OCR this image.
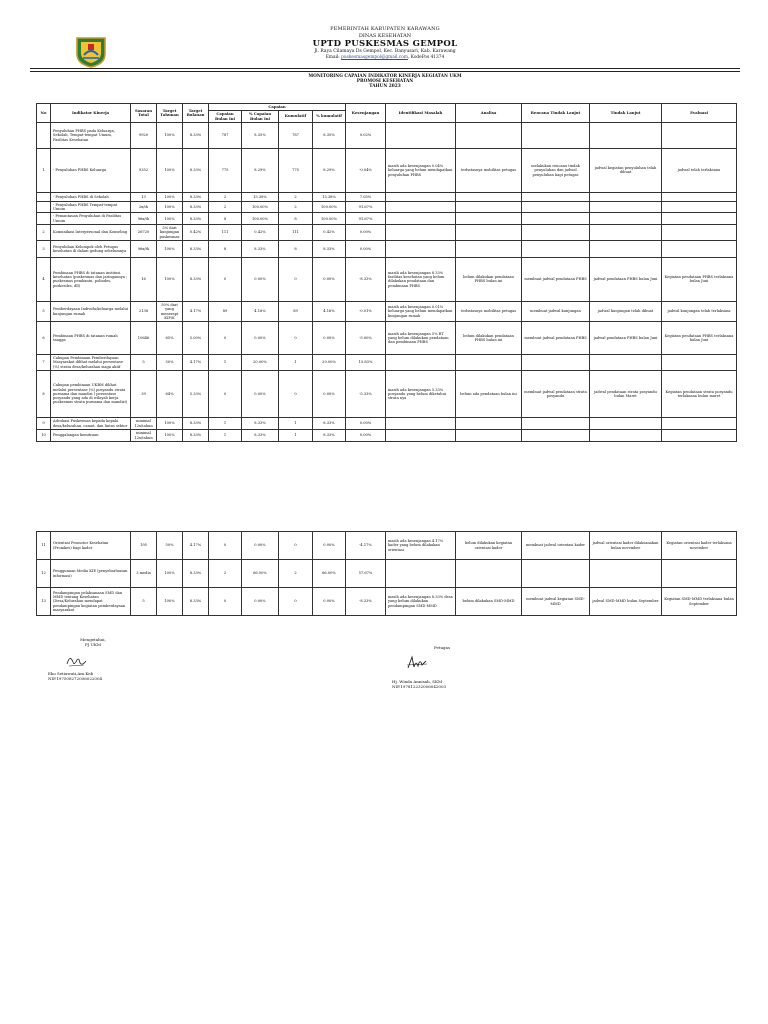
PEMERINTAH KABUPATEN KARAWANG
DINAS KESEHATAN
UPTD PUSKESMAS GEMPOL
Jl. Raya Cilamaya Ds Gempol, Kec. Banyusari, Kab. Karawang
Email: puskesmasgempol@gmail.com, KodePos 41374
MONITORING CAPAIAN INDIKATOR KINERJA KEGIATAN UKM
PROMOSI KESEHATAN
TAHUN 2023
No	Indikator Kinerja	Sasaran Total	Target Tahunan	Target Bulanan	Capaian				Kesenjangan	Identifikasi Masalah	Analisa	Rencana Tindak Lanjut	Tindak Lanjut	Evaluasi
					Capaian Bulan Ini	% Capaian Bulan Ini	Kumulatif	% kumulatif						
	Penyuluhan PHBS pada Keluarga, Sekolah, Tempat-tempat Umum, Fasilitas Kesehatan	9920	100%	8.33%	787	8.35%	787	8.35%	0.02%					
1	- Penyuluhan PHBS Keluarga	9352	100%	8.33%	775	8.29%	775	8.29%	-0.04%	masih ada kesenjangan 0.04% keluarga yang belum mendapatkan penyuluhan PHBS	terbatasnya mobilitas petugas	melakukan rencana tindak penyuluhan dan jadwal penyuluhan bagi petugas	jadwal kegiatan penyuluhan telah dibuat	jadwal telah terlaksana
	- Penyuluhan PHBS di Sekolah	13	100%	8.33%	2	15.38%	2	15.38%	7.05%					
	- Penyuluhan PHBS Tempat-tempat Umum	2x/th	100%	8.33%	2	100.00%	2	100.00%	91.67%					
	- Pemantauan Penyuluhan di Fasilitas Umum	96x/th	100%	8.33%	8	100.00%	8	100.00%	91.67%					
2	Komunikasi Interpersonal dan Konseling	26720	5% dari kunjungan puskesmas	0.42%	111	0.42%	111	0.42%	0.00%					
3	Penyuluhan Kelompok oleh Petugas kesehatan di dalam gedung sebelumnya	96x/th	100%	8.33%	8	8.33%	8	8.33%	0.00%					
4	Pembinaan PHBS di tatanan institusi kesehatan (puskesmas dan jaringannya : puskesmas pembantu, polindes, poskesdes, dll)	16	100%	8.33%	0	0.00%	0	0.00%	-8.33%	masih ada kesenjangan 8.33% fasilitas kesehatan yang belum dilakukan pendataan dan pembinaan PHBS	belum dilakukan pendataan PHBS bulan ini	membuat jadwal pendataan PHBS	jadwal pendataan PHBS bulan Juni	Kegiatan pendataan PHBS terlaksana bulan Juni
5	Pemberdayaan Individu/keluarga melalui kunjungan rumah	2138	50% dari yang menerapi KIP/K	4.17%	89	4.16%	89	4.16%	-0.01%	masih ada kesenjangan 0.01% keluarga yang belum mendapatkan kunjungan rumah	terbatasnya mobilitas petugas	membuat jadwal kunjungan	jadwal kunjungan telah dibuat	jadwal kunjungan telah terlaksana
6	Pembinaan PHBS di tatanan rumah tangga	10646	65%	5.00%	0	0.00%	0	0.00%	-5.00%	masih ada kesenjangan 5% RT yang belum dilakukan pendataan dan pembinaan PHBS	belum dilakukan pendataan PHBS bulan ini	membuat jadwal pendataan PHBS	jadwal pendataan PHBS bulan Juni	Kegiatan pendataan PHBS terlaksana bulan Juni
7	Cakupan Pembinaan Pemberdayaan Masyarakat dilihat melalui persentase (%) strata desa/kelurahan siaga aktif	5	50%	4.17%	1	20.00%	1	20.00%	15.83%					
8	Cakupan pembinaan UKBM dilihat melalui persentase (%) posyandu strata purnama dan mandiri ( persentase posyandu yang ada di wilayah kerja puskesmas strata purnama dan mandiri)	39	64%	5.33%	0	0.00%	0	0.00%	-5.33%	masih ada kesenjangan 5.33% posyandu yang belum diketahui strata nya	belum ada pendataan bulan ini	membuat jadwal pendataan strata posyandu	jadwal pendataan strata posyandu bulan Maret	Kegiatan pendataan strata posyandu terlaksana bulan maret
9	Advokasi Puskesmas kepada kepala desa/kelurahan, camat, dan lintas sektor	minimal 12x/tahun	100%	8.33%	1	8.33%	1	8.33%	0.00%					
10	Penggalangan kemitraan	minimal 12x/tahun	100%	8.33%	1	8.33%	1	8.33%	0.00%					
11	Orientasi Promotor Kesehatan (Promkes) bagi kader	195	50%	4.17%	0	0.00%	0	0.00%	-4.17%	masih ada kesenjangan 4.17% kader yang belum dilakukan orientasi	belum dilakukan kegiatan orientasi kader	membuat jadwal orientasi kader	jadwal orientasi kader dilaksanakan bulan november	Kegiatan orientasi kader terlaksana november
12	Penggunaan Media KIE (penyebarluasan informasi)	3 media	100%	8.33%	2	66.00%	2	66.00%	57.67%					
13	Pendampingan pelaksanaan SMD dan MMD tentang Kesehatan (Desa/Kelurahan mendapat pendampingan kegiatan pemberdayaan masyarakat	5	100%	8.33%	0	0.00%	0	0.00%	-8.33%	masih ada kesenjangan 8.33% desa yang belum dilakukan pendampingan SMD-MMD	belum dilakukan SMD-MMD	membuat jadwal kegiatan SMD-MMD	jadwal SMD-MMD bulan September	Kegiatan SMD-MMD terlaksana bulan September
Mengetahui,
PJ UKM
Eko Setiawati,Am.Keb
NIP.197508272006022004
Petugas
Hj. Winda Annisah, SKM
NIP.197812232006042003
